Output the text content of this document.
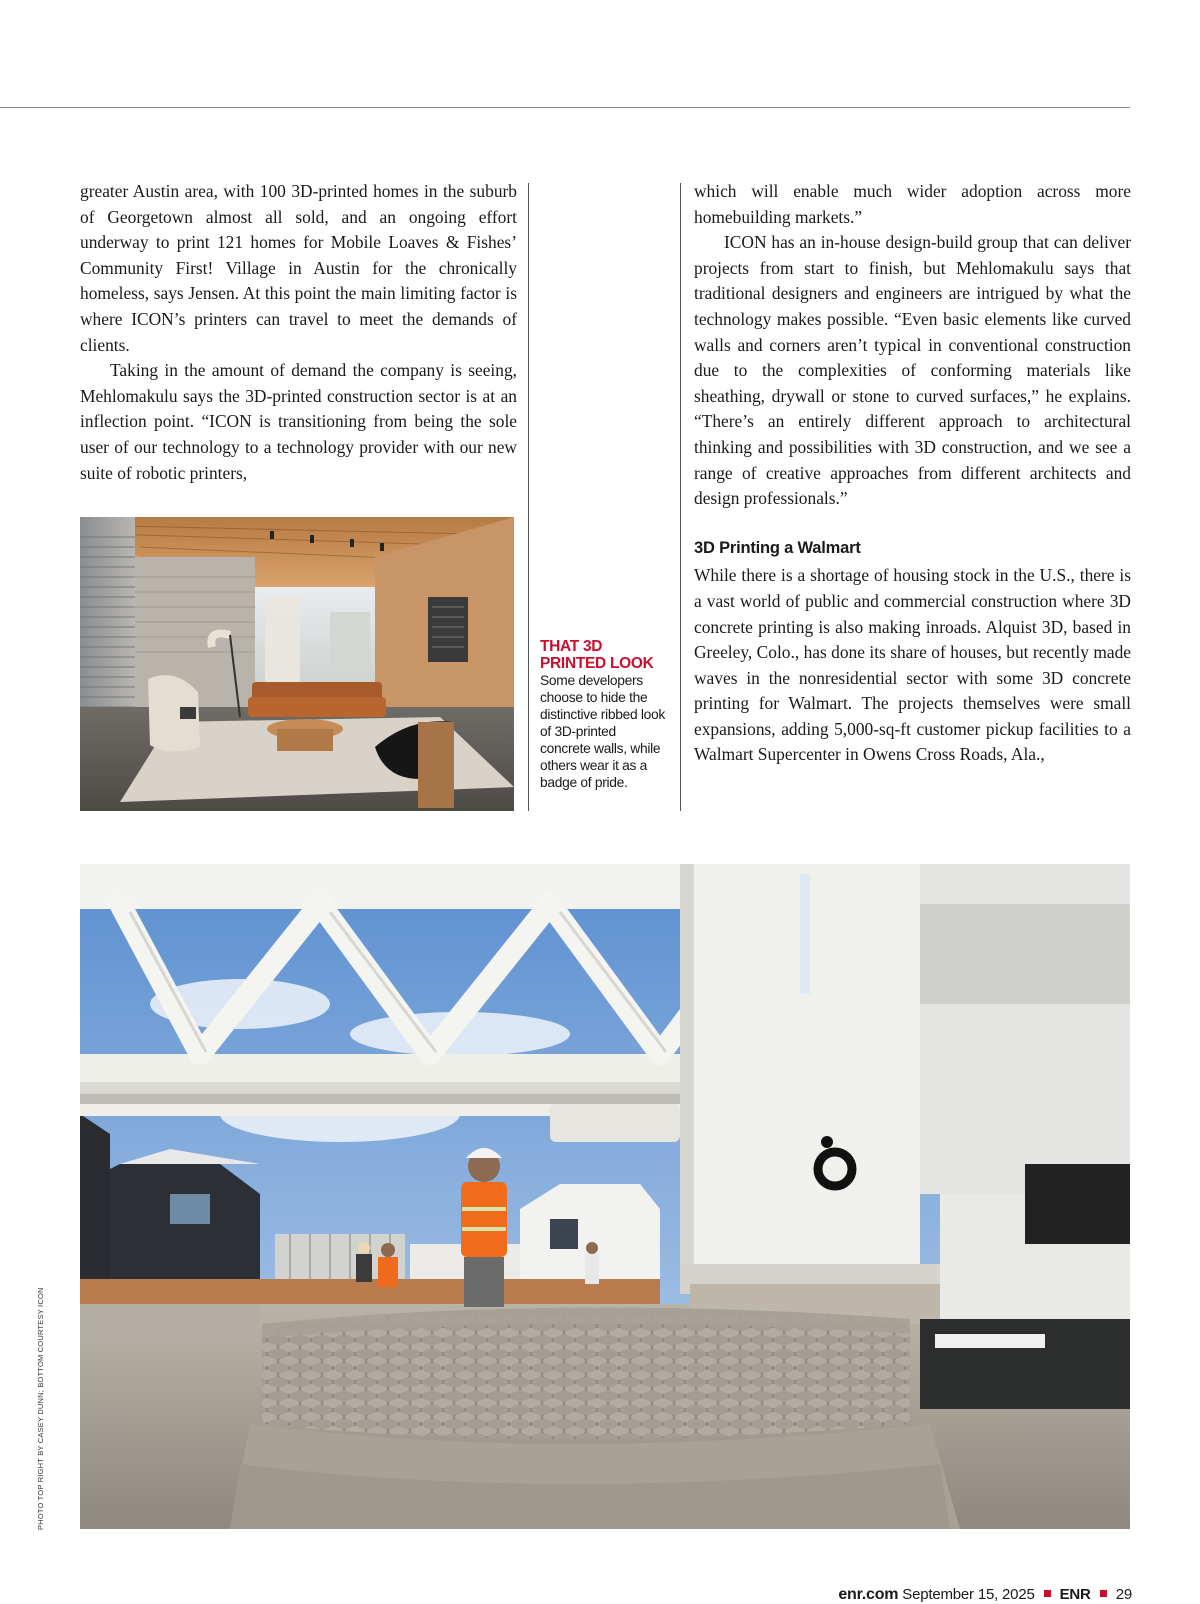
greater Austin area, with 100 3D-printed homes in the suburb of Georgetown almost all sold, and an ongoing effort underway to print 121 homes for Mobile Loaves & Fishes’ Community First! Village in Austin for the chronically homeless, says Jensen. At this point the main limiting factor is where ICON’s printers can travel to meet the demands of clients.

Taking in the amount of demand the company is seeing, Mehlomakulu says the 3D-printed construction sector is at an inflection point. “ICON is transitioning from being the sole user of our technology to a technology provider with our new suite of robotic printers,

THAT 3D PRINTED LOOK
Some developers choose to hide the distinctive ribbed look of 3D-printed concrete walls, while others wear it as a badge of pride.

which will enable much wider adoption across more homebuilding markets.”

ICON has an in-house design-build group that can deliver projects from start to finish, but Mehlomakulu says that traditional designers and engineers are intrigued by what the technology makes possible. “Even basic elements like curved walls and corners aren’t typical in conventional construction due to the complexities of conforming materials like sheathing, drywall or stone to curved surfaces,” he explains. “There’s an entirely different approach to architectural thinking and possibilities with 3D construction, and we see a range of creative approaches from different architects and design professionals.”

3D Printing a Walmart

While there is a shortage of housing stock in the U.S., there is a vast world of public and commercial construction where 3D concrete printing is also making inroads. Alquist 3D, based in Greeley, Colo., has done its share of houses, but recently made waves in the nonresidential sector with some 3D concrete printing for Walmart. The projects themselves were small expansions, adding 5,000-sq-ft customer pickup facilities to a Walmart Supercenter in Owens Cross Roads, Ala.,

PHOTO TOP RIGHT BY CASEY DUNN; BOTTOM COURTESY ICON
enr.com September 15, 2025 ENR 29
